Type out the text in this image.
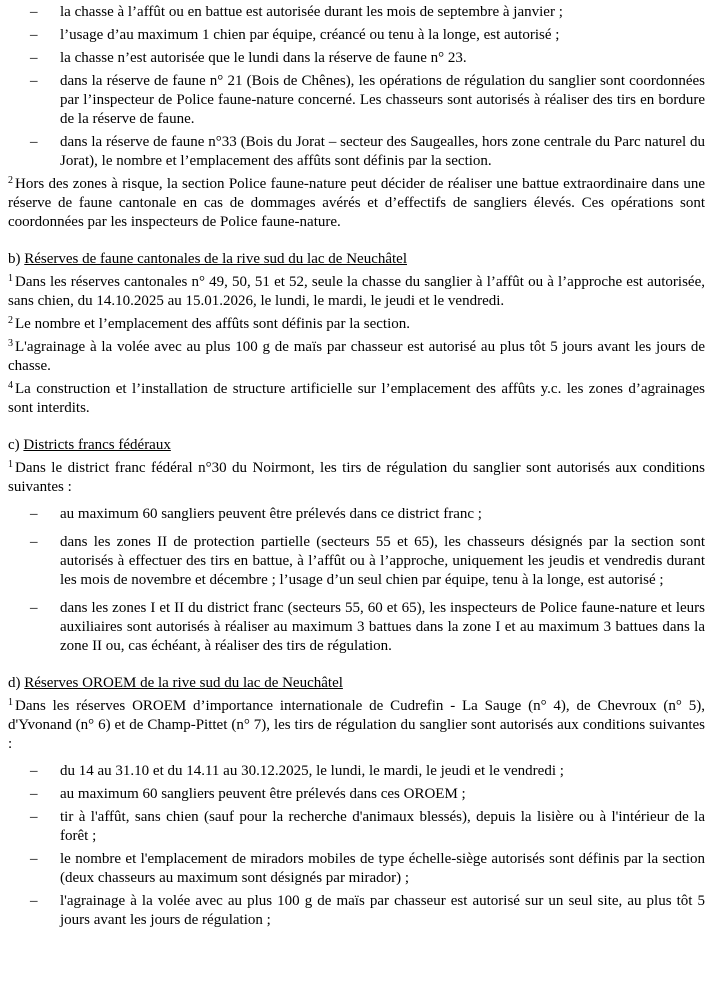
– la chasse à l’affût ou en battue est autorisée durant les mois de septembre à janvier ;
– l’usage d’au maximum 1 chien par équipe, créancé ou tenu à la longe, est autorisé ;
– la chasse n’est autorisée que le lundi dans la réserve de faune n° 23.
– dans la réserve de faune n° 21 (Bois de Chênes), les opérations de régulation du sanglier sont coordonnées par l’inspecteur de Police faune-nature concerné. Les chasseurs sont autorisés à réaliser des tirs en bordure de la réserve de faune.
– dans la réserve de faune n°33 (Bois du Jorat – secteur des Saugealles, hors zone centrale du Parc naturel du Jorat), le nombre et l’emplacement des affûts sont définis par la section.

$^2$ Hors des zones à risque, la section Police faune-nature peut décider de réaliser une battue extraordinaire dans une réserve de faune cantonale en cas de dommages avérés et d’effectifs de sangliers élevés. Ces opérations sont coordonnées par les inspecteurs de Police faune-nature.

b) Réserves de faune cantonales de la rive sud du lac de Neuchâtel

$^1$ Dans les réserves cantonales n° 49, 50, 51 et 52, seule la chasse du sanglier à l’affût ou à l’approche est autorisée, sans chien, du 14.10.2025 au 15.01.2026, le lundi, le mardi, le jeudi et le vendredi.

$^2$ Le nombre et l’emplacement des affûts sont définis par la section.

$^3$ L'agrainage à la volée avec au plus 100 g de maïs par chasseur est autorisé au plus tôt 5 jours avant les jours de chasse.

$^4$ La construction et l’installation de structure artificielle sur l’emplacement des affûts y.c. les zones d’agrainages sont interdits.

c) Districts francs fédéraux

$^1$ Dans le district franc fédéral n°30 du Noirmont, les tirs de régulation du sanglier sont autorisés aux conditions suivantes :

– au maximum 60 sangliers peuvent être prélevés dans ce district franc ;
– dans les zones II de protection partielle (secteurs 55 et 65), les chasseurs désignés par la section sont autorisés à effectuer des tirs en battue, à l’affût ou à l’approche, uniquement les jeudis et vendredis durant les mois de novembre et décembre ; l’usage d’un seul chien par équipe, tenu à la longe, est autorisé ;
– dans les zones I et II du district franc (secteurs 55, 60 et 65), les inspecteurs de Police faune-nature et leurs auxiliaires sont autorisés à réaliser au maximum 3 battues dans la zone I et au maximum 3 battues dans la zone II ou, cas échéant, à réaliser des tirs de régulation.

d) Réserves OROEM de la rive sud du lac de Neuchâtel

$^1$ Dans les réserves OROEM d’importance internationale de Cudrefin - La Sauge (n° 4), de Chevroux (n° 5), d'Yvonand (n° 6) et de Champ-Pittet (n° 7), les tirs de régulation du sanglier sont autorisés aux conditions suivantes :

– du 14 au 31.10 et du 14.11 au 30.12.2025, le lundi, le mardi, le jeudi et le vendredi ;
– au maximum 60 sangliers peuvent être prélevés dans ces OROEM ;
– tir à l'affût, sans chien (sauf pour la recherche d'animaux blessés), depuis la lisière ou à l'intérieur de la forêt ;
– le nombre et l'emplacement de miradors mobiles de type échelle-siège autorisés sont définis par la section (deux chasseurs au maximum sont désignés par mirador) ;
– l'agrainage à la volée avec au plus 100 g de maïs par chasseur est autorisé sur un seul site, au plus tôt 5 jours avant les jours de régulation ;
